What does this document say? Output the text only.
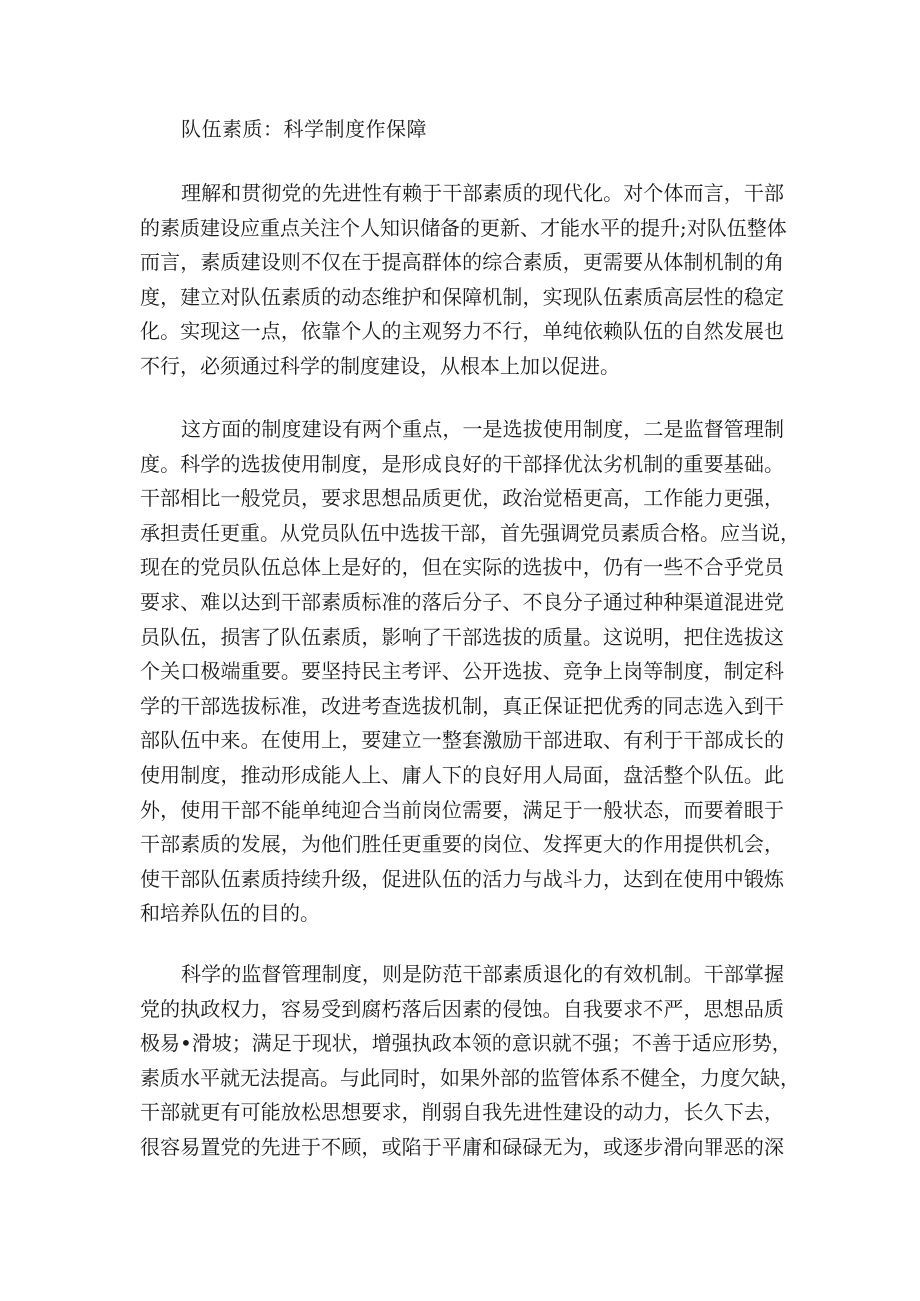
队伍素质：科学制度作保障
理解和贯彻党的先进性有赖于干部素质的现代化。对个体而言，干部
的素质建设应重点关注个人知识储备的更新、才能水平的提升;对队伍整体
而言，素质建设则不仅在于提高群体的综合素质，更需要从体制机制的角
度，建立对队伍素质的动态维护和保障机制，实现队伍素质高层性的稳定
化。实现这一点，依靠个人的主观努力不行，单纯依赖队伍的自然发展也
不行，必须通过科学的制度建设，从根本上加以促进。
这方面的制度建设有两个重点，一是选拔使用制度，二是监督管理制
度。科学的选拔使用制度，是形成良好的干部择优汰劣机制的重要基础。
干部相比一般党员，要求思想品质更优，政治觉梧更高，工作能力更强，
承担责任更重。从党员队伍中选拔干部，首先强调党员素质合格。应当说，
现在的党员队伍总体上是好的，但在实际的选拔中，仍有一些不合乎党员
要求、难以达到干部素质标准的落后分子、不良分子通过种种渠道混进党
员队伍，损害了队伍素质，影响了干部选拔的质量。这说明，把住选拔这
个关口极端重要。要坚持民主考评、公开选拔、竞争上岗等制度，制定科
学的干部选拔标准，改进考查选拔机制，真正保证把优秀的同志选入到干
部队伍中来。在使用上，要建立一整套激励干部进取、有利于干部成长的
使用制度，推动形成能人上、庸人下的良好用人局面，盘活整个队伍。此
外，使用干部不能单纯迎合当前岗位需要，满足于一般状态，而要着眼于
干部素质的发展，为他们胜任更重要的岗位、发挥更大的作用提供机会，
使干部队伍素质持续升级，促进队伍的活力与战斗力，达到在使用中锻炼
和培养队伍的目的。
科学的监督管理制度，则是防范干部素质退化的有效机制。干部掌握
党的执政权力，容易受到腐朽落后因素的侵蚀。自我要求不严，思想品质
极易•滑坡；满足于现状，增强执政本领的意识就不强；不善于适应形势，
素质水平就无法提高。与此同时，如果外部的监管体系不健全，力度欠缺，
干部就更有可能放松思想要求，削弱自我先进性建设的动力，长久下去，
很容易置党的先进于不顾，或陷于平庸和碌碌无为，或逐步滑向罪恶的深
